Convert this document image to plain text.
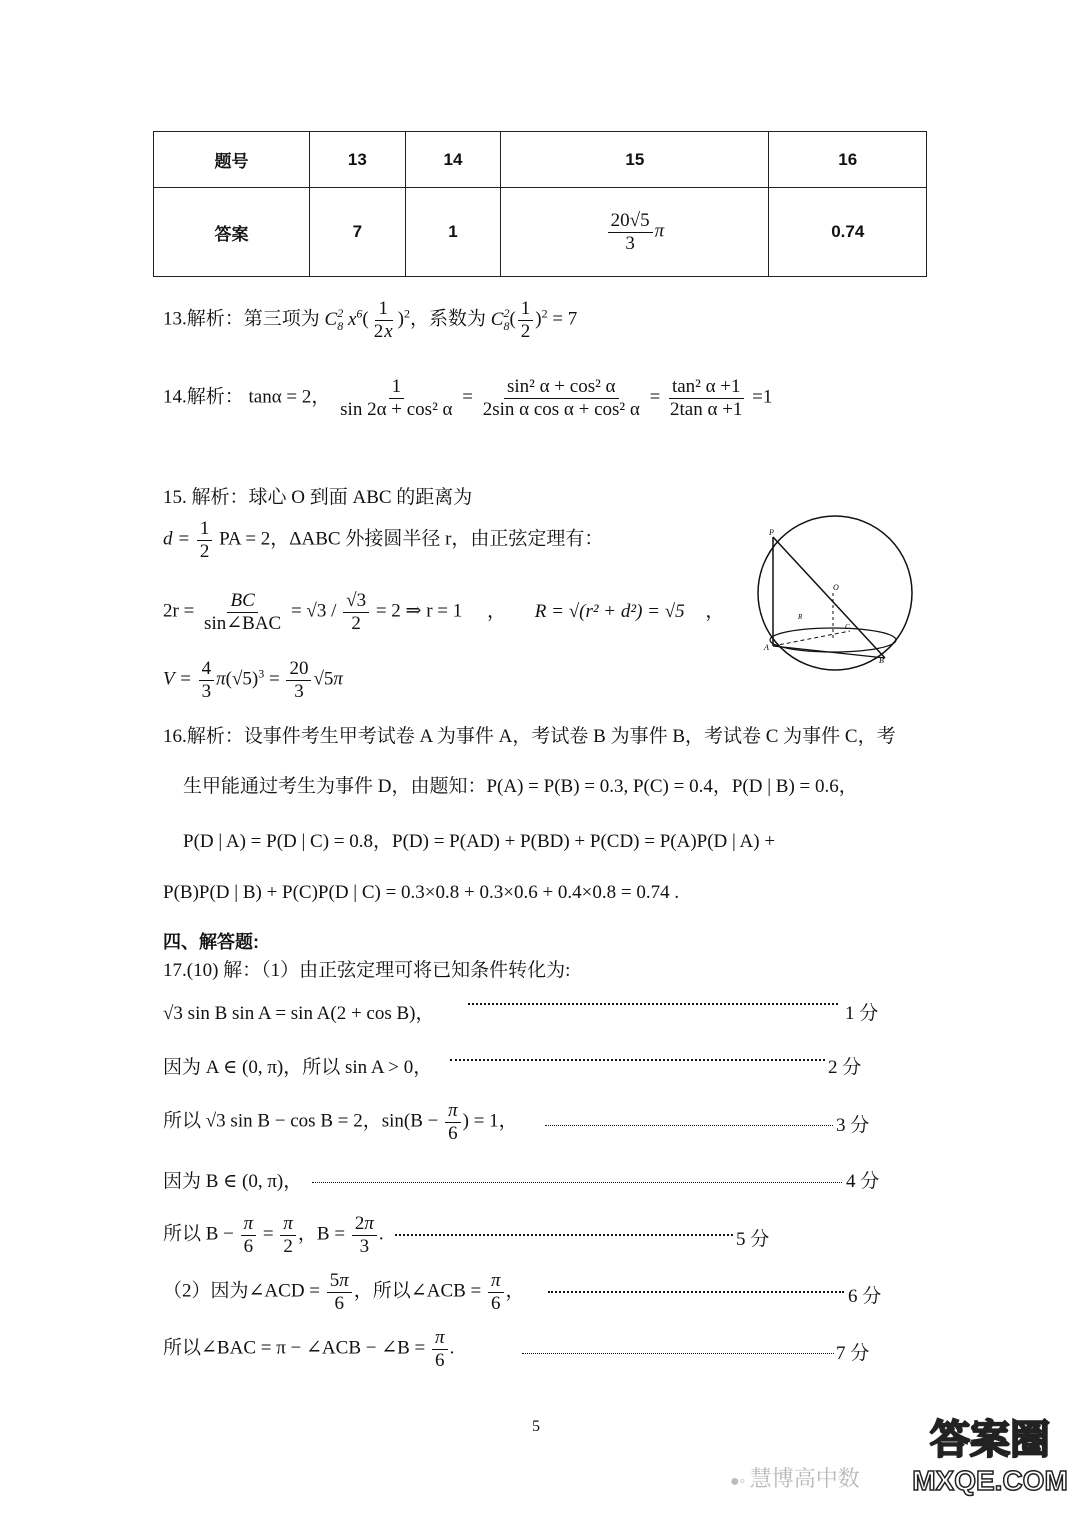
题号	13	14	15	16
答案	7	1	$\frac{20√5}{3}$ π	0.74
13.解析：第三项为 $C_8^2$ $x^6( \frac{1}{2x} )^2$，系数为 $C_8^2( \frac{1}{2} )^2 = 7$
14.解析： tanα = 2， $\frac{1}{\text{sin 2α + cos² α}} = \frac{\text{sin² α + cos² α}}{\text{2sin α cos α + cos² α}} = \frac{\text{tan² α +1}}{\text{2tan α +1}} =1$
15. 解析：球心 O 到面 ABC 的距离为
$d = \frac{1}{2}$ PA = 2，ΔABC 外接圆半径 r，由正弦定理有：
$2r = \frac{BC}{\text{sin∠BAC}} = √3 / \frac{√3}{2} = 2$ ⇒ r = 1 ， R = √(r² + d²) = √5 ，
$V = \frac{4}{3} \pi(√5)^3 = \frac{20}{3} √5\pi$
P
O
R
C
A
B
16.解析：设事件考生甲考试卷 A 为事件 A，考试卷 B 为事件 B，考试卷 C 为事件 C，考
生甲能通过考生为事件 D，由题知：P(A) = P(B) = 0.3, P(C) = 0.4，P(D | B) = 0.6，
P(D | A) = P(D | C) = 0.8，P(D) = P(AD) + P(BD) + P(CD) = P(A)P(D | A) +
P(B)P(D | B) + P(C)P(D | C) = 0.3×0.8 + 0.3×0.6 + 0.4×0.8 = 0.74 .
四、解答题:
17.(10) 解：（1）由正弦定理可将已知条件转化为:
√3 sin B sin A = sin A(2 + cos B)，	1 分
因为 A ∈ (0, π)，所以 sin A > 0，	2 分
所以 √3 sin B − cos B = 2，$\sin(B - \frac{\pi}{6}$ ) = 1，	3 分
因为 B ∈ (0, π)，	4 分
所以 $B - \frac{\pi}{6} = \frac{\pi}{2}$ ，$B = \frac{2\pi}{3}$ .	5 分
（2）因为∠ACD = $\frac{5\pi}{6}$ ，所以∠ACB = $\frac{\pi}{6}$ ，	6 分
所以∠BAC = π − ∠ACB − ∠B = $\frac{\pi}{6}$ .	7 分
5
●◦ 慧博高中数
答案圈
MXQE.COM
